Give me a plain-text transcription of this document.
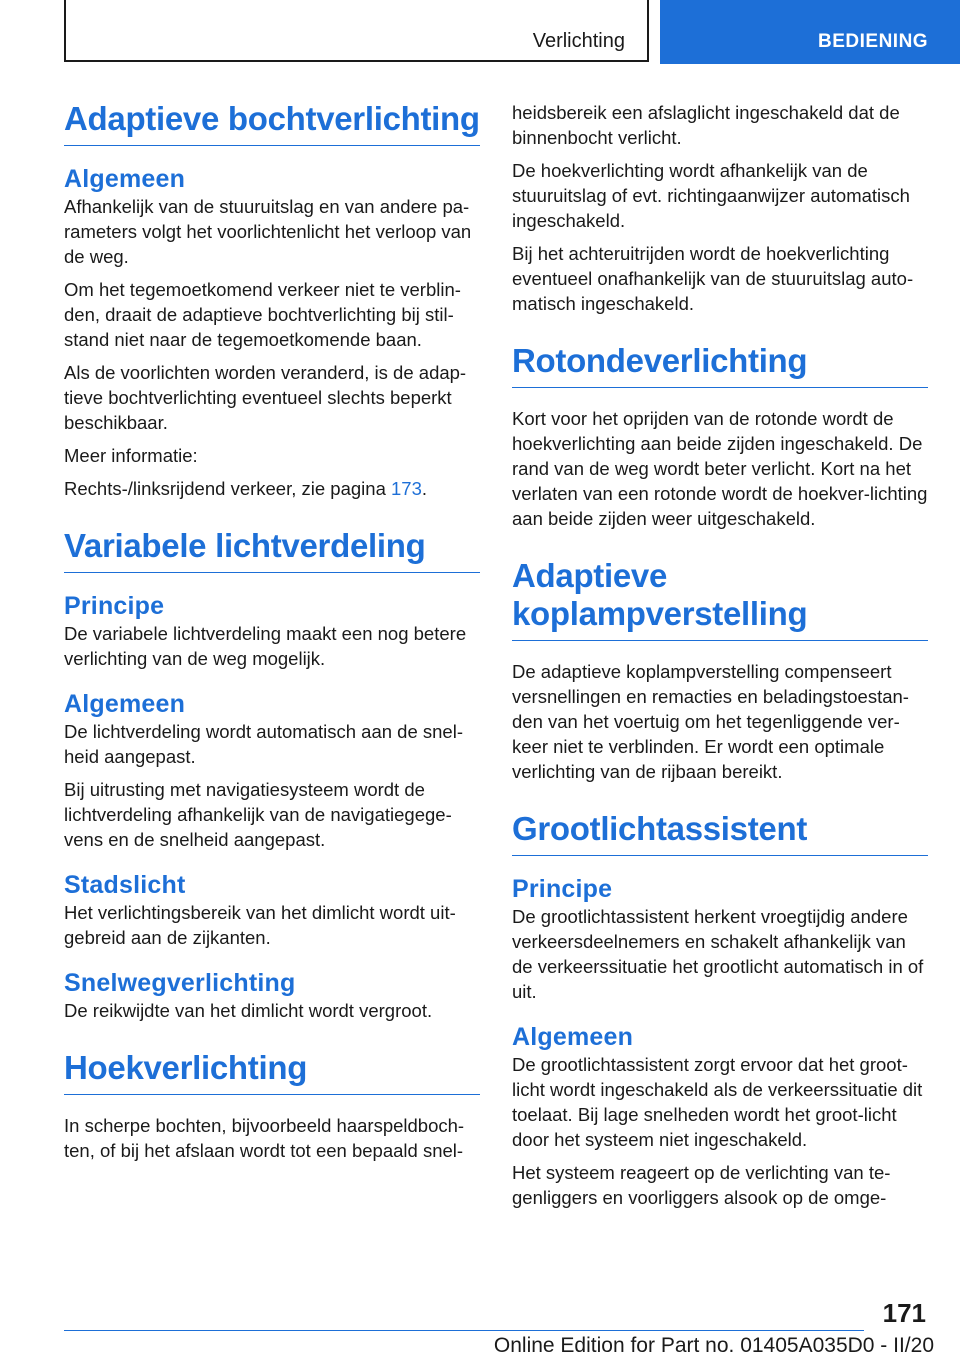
Verlichting	BEDIENING
Adaptieve bochtverlichting
Algemeen

Afhankelijk van de stuuruitslag en van andere pa-rameters volgt het voorlichtenlicht het verloop van de weg.

Om het tegemoetkomend verkeer niet te verblin-den, draait de adaptieve bochtverlichting bij stil-stand niet naar de tegemoetkomende baan.

Als de voorlichten worden veranderd, is de adap-tieve bochtverlichting eventueel slechts beperkt beschikbaar.

Meer informatie:

Rechts-/linksrijdend verkeer, zie pagina 173.

Variabele lichtverdeling
Principe

De variabele lichtverdeling maakt een nog betere verlichting van de weg mogelijk.

Algemeen

De lichtverdeling wordt automatisch aan de snel-heid aangepast.

Bij uitrusting met navigatiesysteem wordt de lichtverdeling afhankelijk van de navigatiegege-vens en de snelheid aangepast.

Stadslicht

Het verlichtingsbereik van het dimlicht wordt uit-gebreid aan de zijkanten.

Snelwegverlichting

De reikwijdte van het dimlicht wordt vergroot.

Hoekverlichting

In scherpe bochten, bijvoorbeeld haarspeldboch-ten, of bij het afslaan wordt tot een bepaald snel-

heidsbereik een afslaglicht ingeschakeld dat de binnenbocht verlicht.

De hoekverlichting wordt afhankelijk van de stuuruitslag of evt. richtingaanwijzer automatisch ingeschakeld.

Bij het achteruitrijden wordt de hoekverlichting eventueel onafhankelijk van de stuuruitslag auto-matisch ingeschakeld.

Rotondeverlichting

Kort voor het oprijden van de rotonde wordt de hoekverlichting aan beide zijden ingeschakeld. De rand van de weg wordt beter verlicht. Kort na het verlaten van een rotonde wordt de hoekver-lichting aan beide zijden weer uitgeschakeld.

Adaptieve
koplampverstelling

De adaptieve koplampverstelling compenseert versnellingen en remacties en beladingstoestan-den van het voertuig om het tegenliggende ver-keer niet te verblinden. Er wordt een optimale verlichting van de rijbaan bereikt.

Grootlichtassistent
Principe

De grootlichtassistent herkent vroegtijdig andere verkeersdeelnemers en schakelt afhankelijk van de verkeerssituatie het grootlicht automatisch in of uit.

Algemeen

De grootlichtassistent zorgt ervoor dat het groot-licht wordt ingeschakeld als de verkeerssituatie dit toelaat. Bij lage snelheden wordt het groot-licht door het systeem niet ingeschakeld.

Het systeem reageert op de verlichting van te-genliggers en voorliggers alsook op de omge-

171
Online Edition for Part no. 01405A035D0 - II/20
